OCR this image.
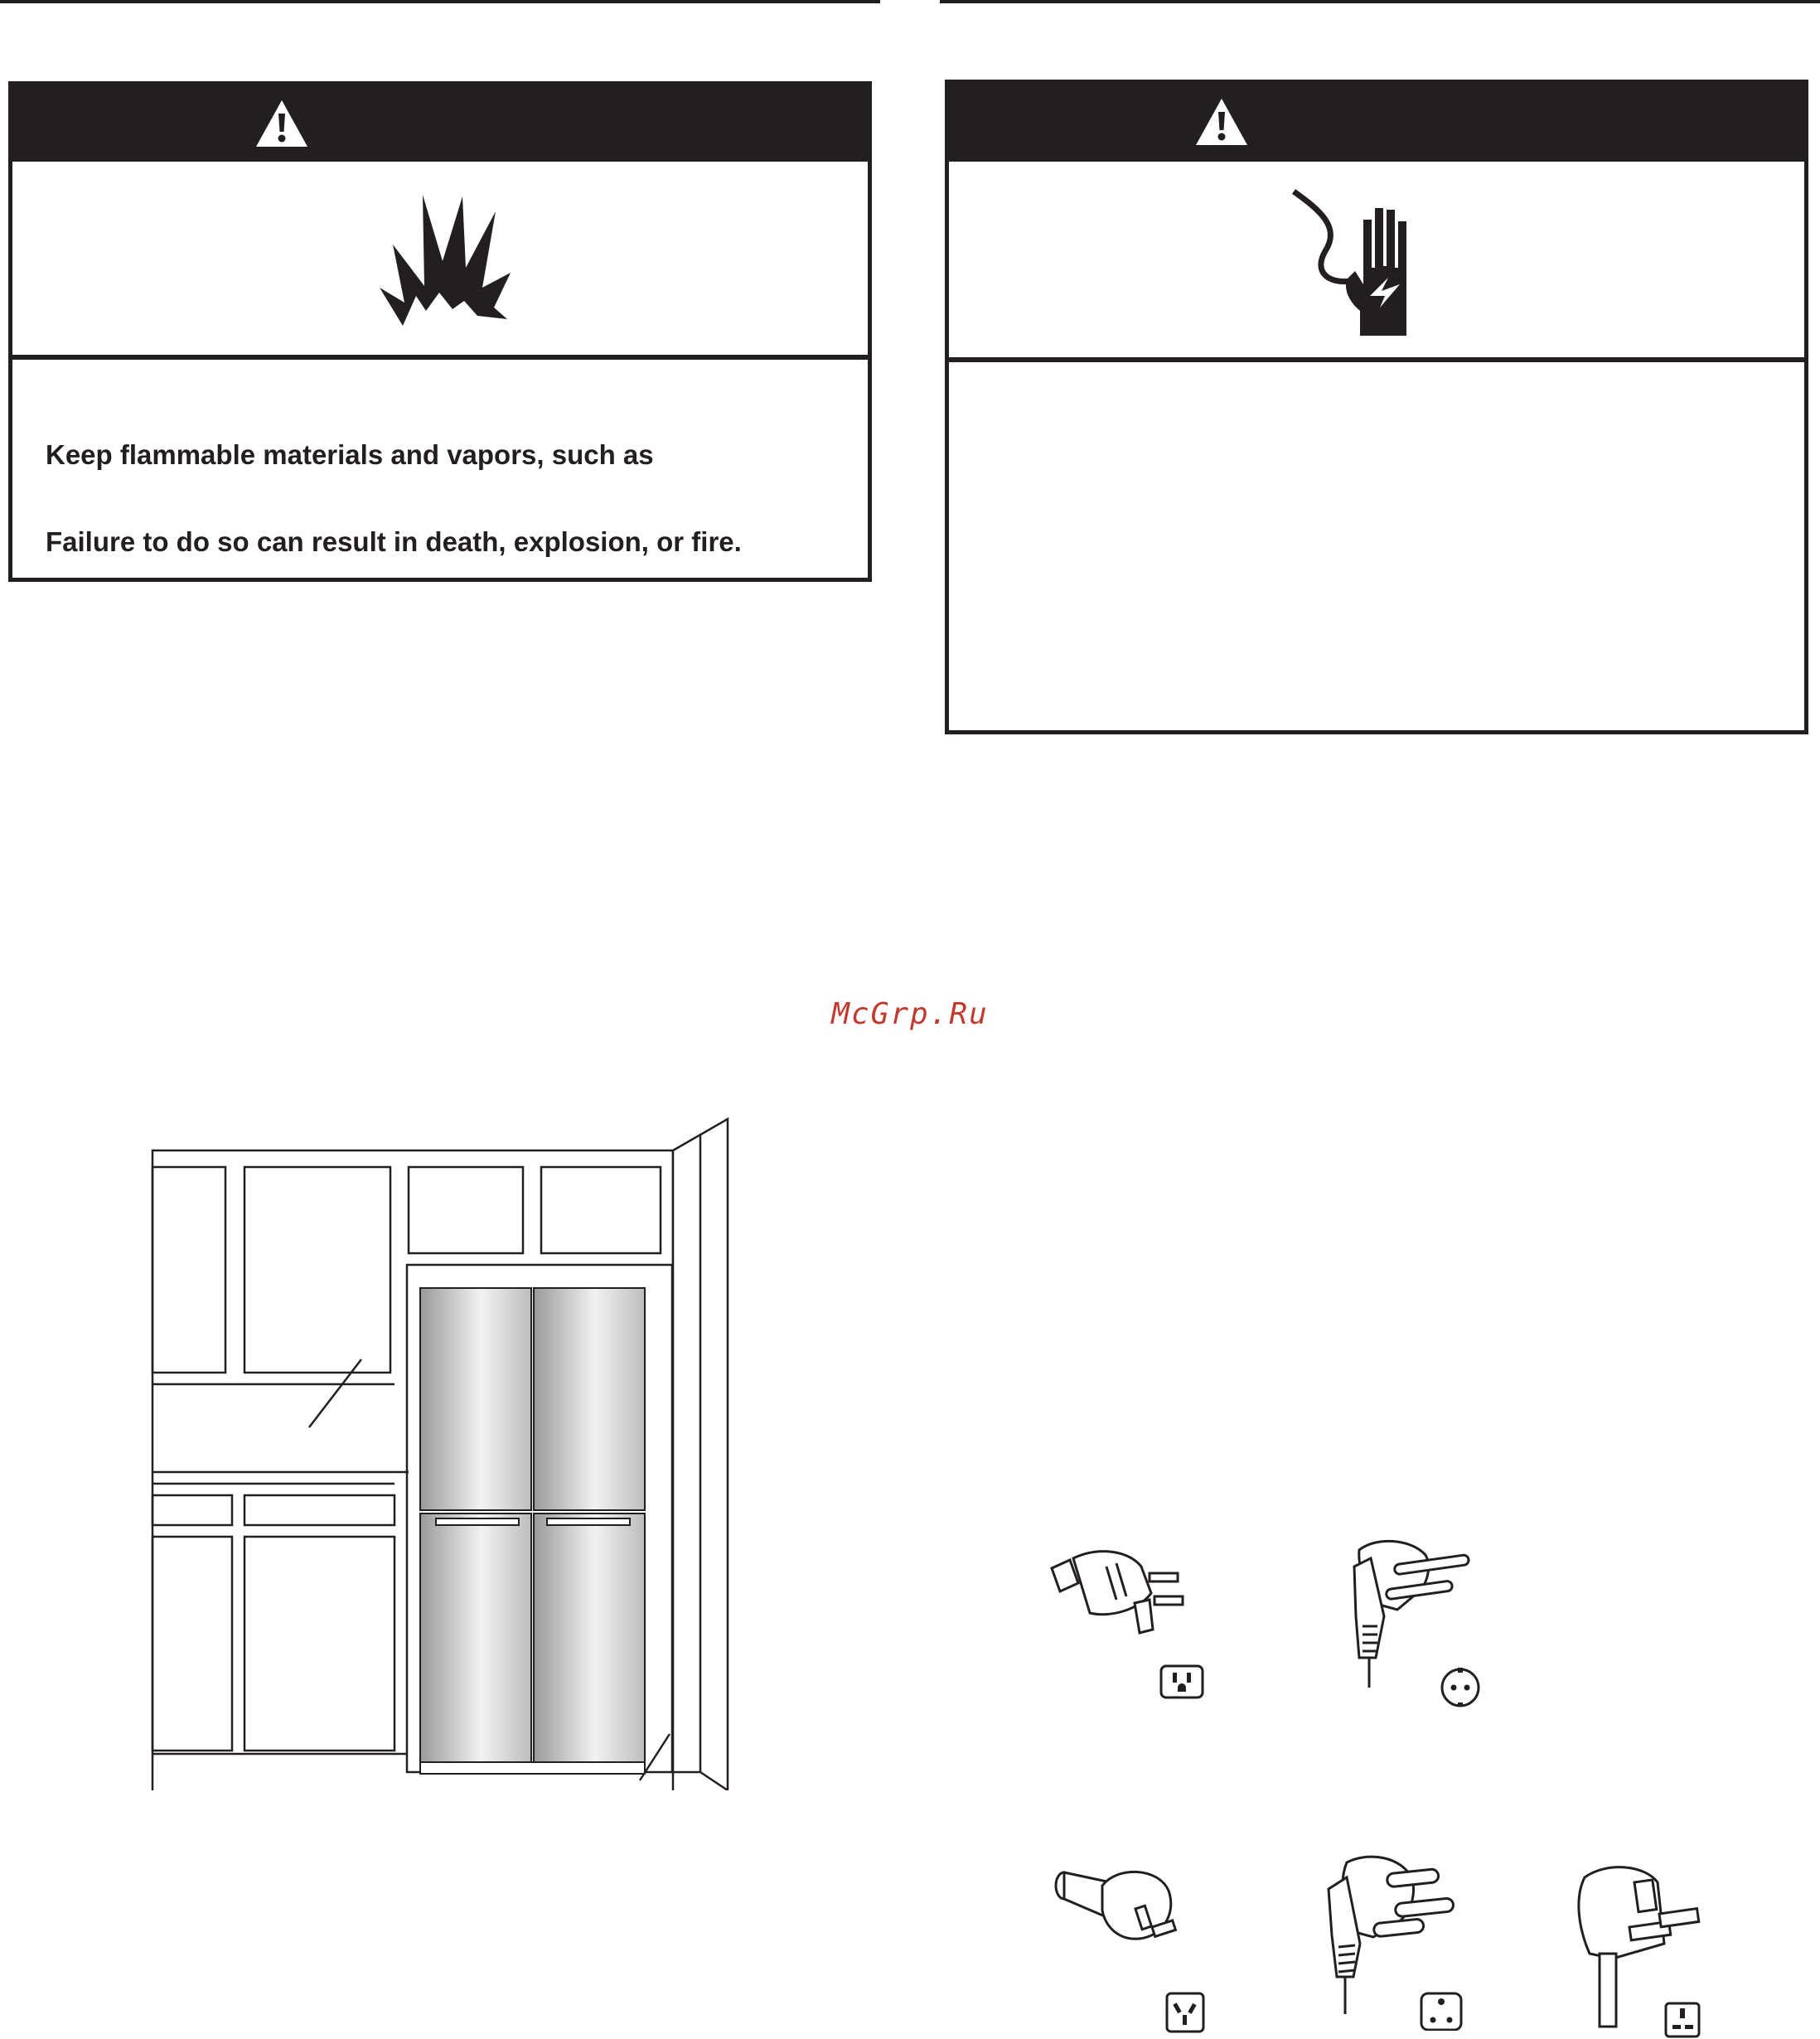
Keep flammable materials and vapors, such as
Failure to do so can result in death, explosion, or fire.
McGrp.Ru
